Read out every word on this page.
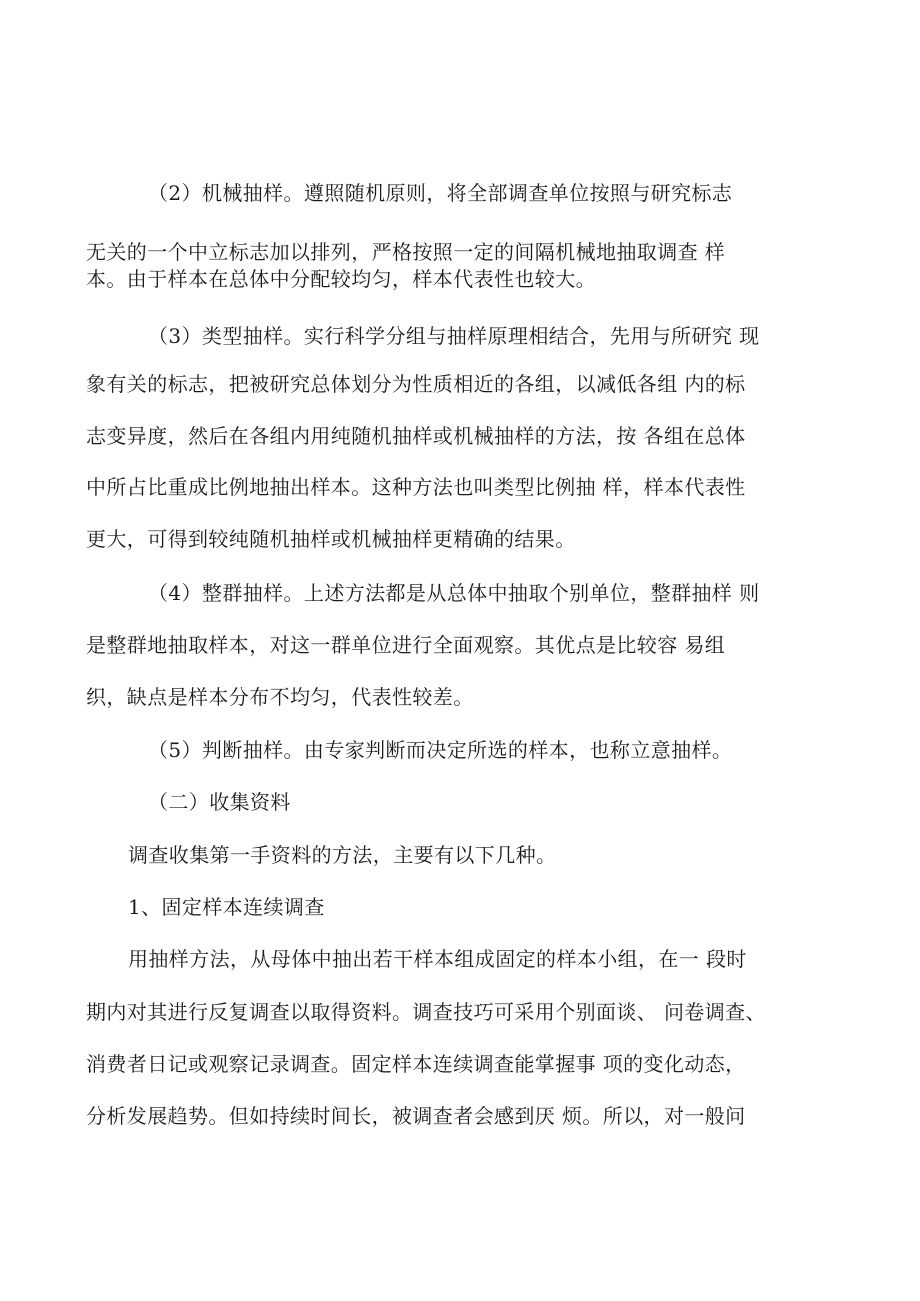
（2）机械抽样。遵照随机原则，将全部调查单位按照与研究标志
无关的一个中立标志加以排列，严格按照一定的间隔机械地抽取调查 样
本。由于样本在总体中分配较均匀，样本代表性也较大。
（3）类型抽样。实行科学分组与抽样原理相结合，先用与所研究 现
象有关的标志，把被研究总体划分为性质相近的各组，以减低各组 内的标
志变异度，然后在各组内用纯随机抽样或机械抽样的方法，按 各组在总体
中所占比重成比例地抽出样本。这种方法也叫类型比例抽 样，样本代表性
更大，可得到较纯随机抽样或机械抽样更精确的结果。
（4）整群抽样。上述方法都是从总体中抽取个别单位，整群抽样 则
是整群地抽取样本，对这一群单位进行全面观察。其优点是比较容 易组
织，缺点是样本分布不均匀，代表性较差。
（5）判断抽样。由专家判断而决定所选的样本，也称立意抽样。
（二）收集资料
调查收集第一手资料的方法，主要有以下几种。
1、固定样本连续调查
用抽样方法，从母体中抽出若干样本组成固定的样本小组，在一 段时
期内对其进行反复调查以取得资料。调查技巧可采用个别面谈、 问卷调查、
消费者日记或观察记录调查。固定样本连续调查能掌握事 项的变化动态，
分析发展趋势。但如持续时间长，被调查者会感到厌 烦。所以，对一般问
